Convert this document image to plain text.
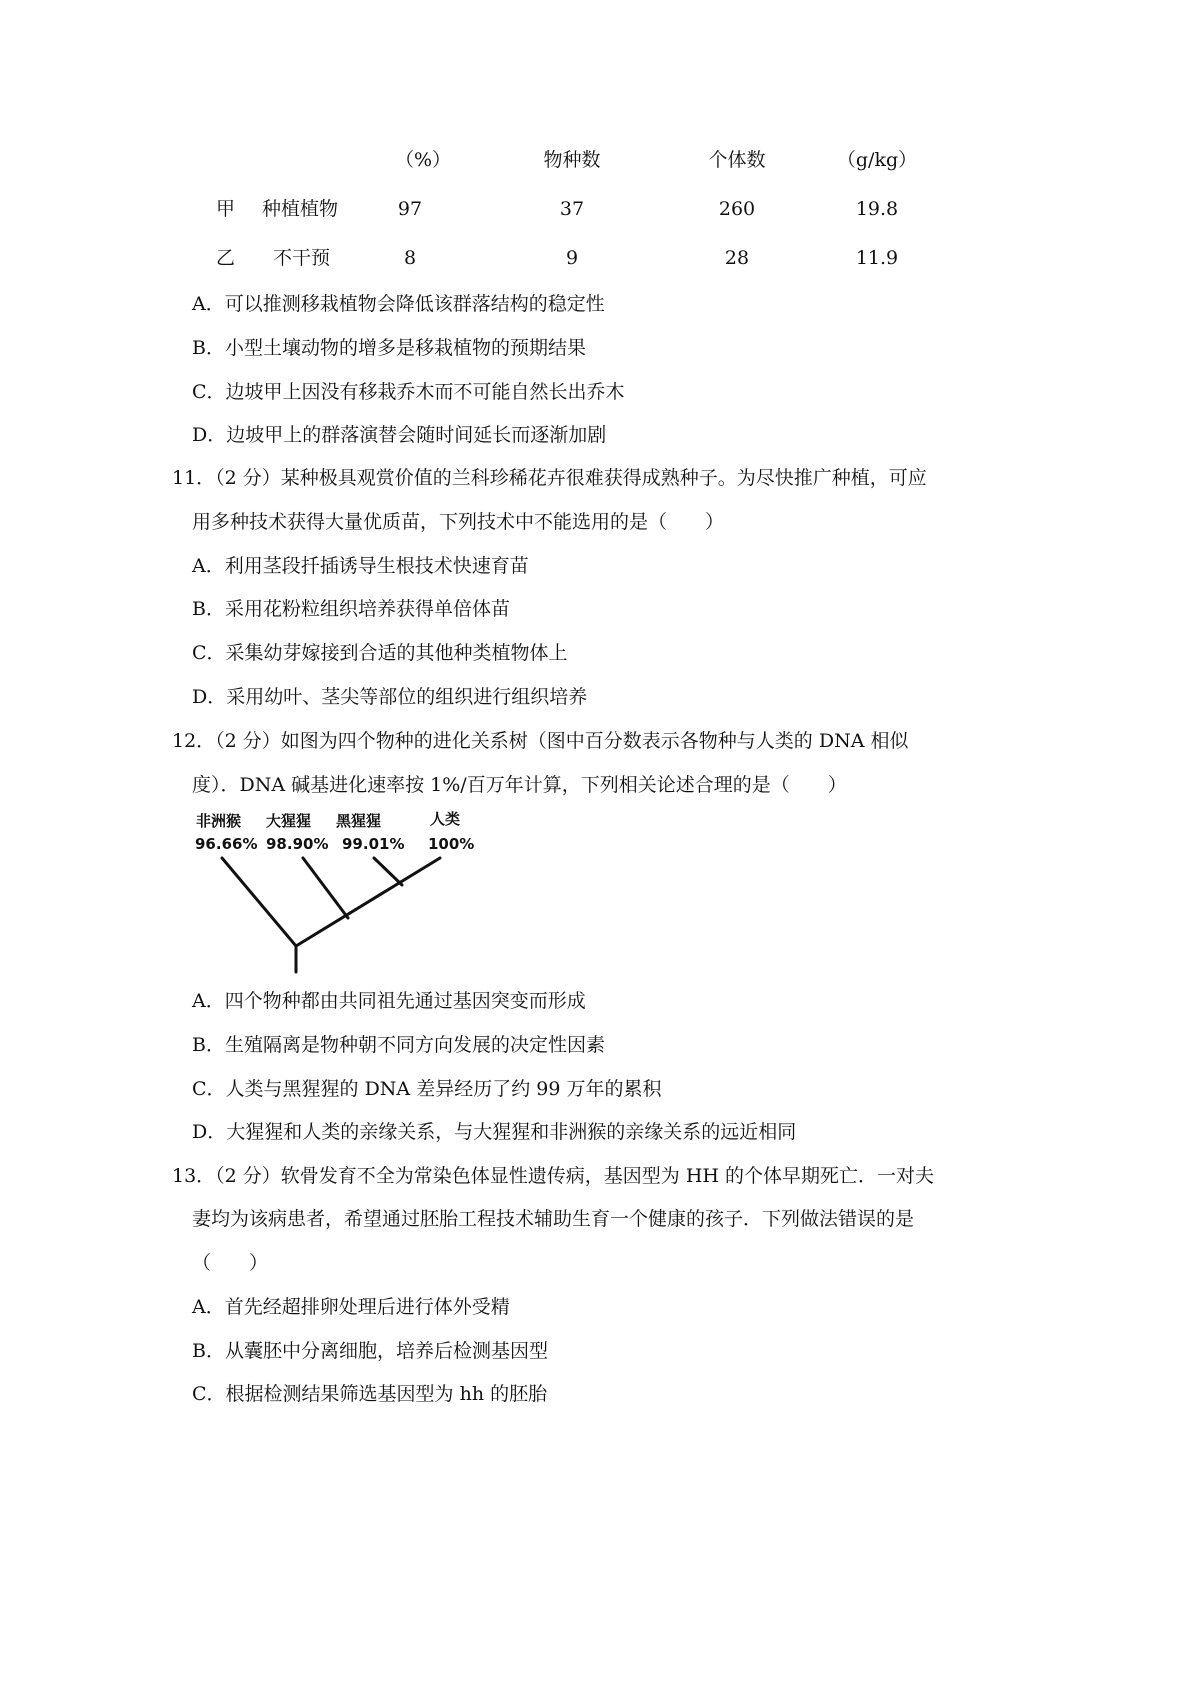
（%）	物种数	个体数	（g/kg）
甲 种植植物	97	37	260	19.8
乙 不干预	8	9	28	11.9
A．可以推测移栽植物会降低该群落结构的稳定性
B．小型土壤动物的增多是移栽植物的预期结果
C．边坡甲上因没有移栽乔木而不可能自然长出乔木
D．边坡甲上的群落演替会随时间延长而逐渐加剧
11．（2 分）某种极具观赏价值的兰科珍稀花卉很难获得成熟种子。为尽快推广种植，可应
用多种技术获得大量优质苗，下列技术中不能选用的是（　　）
A．利用茎段扦插诱导生根技术快速育苗
B．采用花粉粒组织培养获得单倍体苗
C．采集幼芽嫁接到合适的其他种类植物体上
D．采用幼叶、茎尖等部位的组织进行组织培养
12．（2 分）如图为四个物种的进化关系树（图中百分数表示各物种与人类的 DNA 相似
度）．DNA 碱基进化速率按 1%/百万年计算，下列相关论述合理的是（　　）
非洲猴
96.66%
大猩猩
98.90%
黑猩猩
99.01%
人类
100%
A．四个物种都由共同祖先通过基因突变而形成
B．生殖隔离是物种朝不同方向发展的决定性因素
C．人类与黑猩猩的 DNA 差异经历了约 99 万年的累积
D．大猩猩和人类的亲缘关系，与大猩猩和非洲猴的亲缘关系的远近相同
13．（2 分）软骨发育不全为常染色体显性遗传病，基因型为 HH 的个体早期死亡．一对夫
妻均为该病患者，希望通过胚胎工程技术辅助生育一个健康的孩子．下列做法错误的是
（　　）
A．首先经超排卵处理后进行体外受精
B．从囊胚中分离细胞，培养后检测基因型
C．根据检测结果筛选基因型为 hh 的胚胎
